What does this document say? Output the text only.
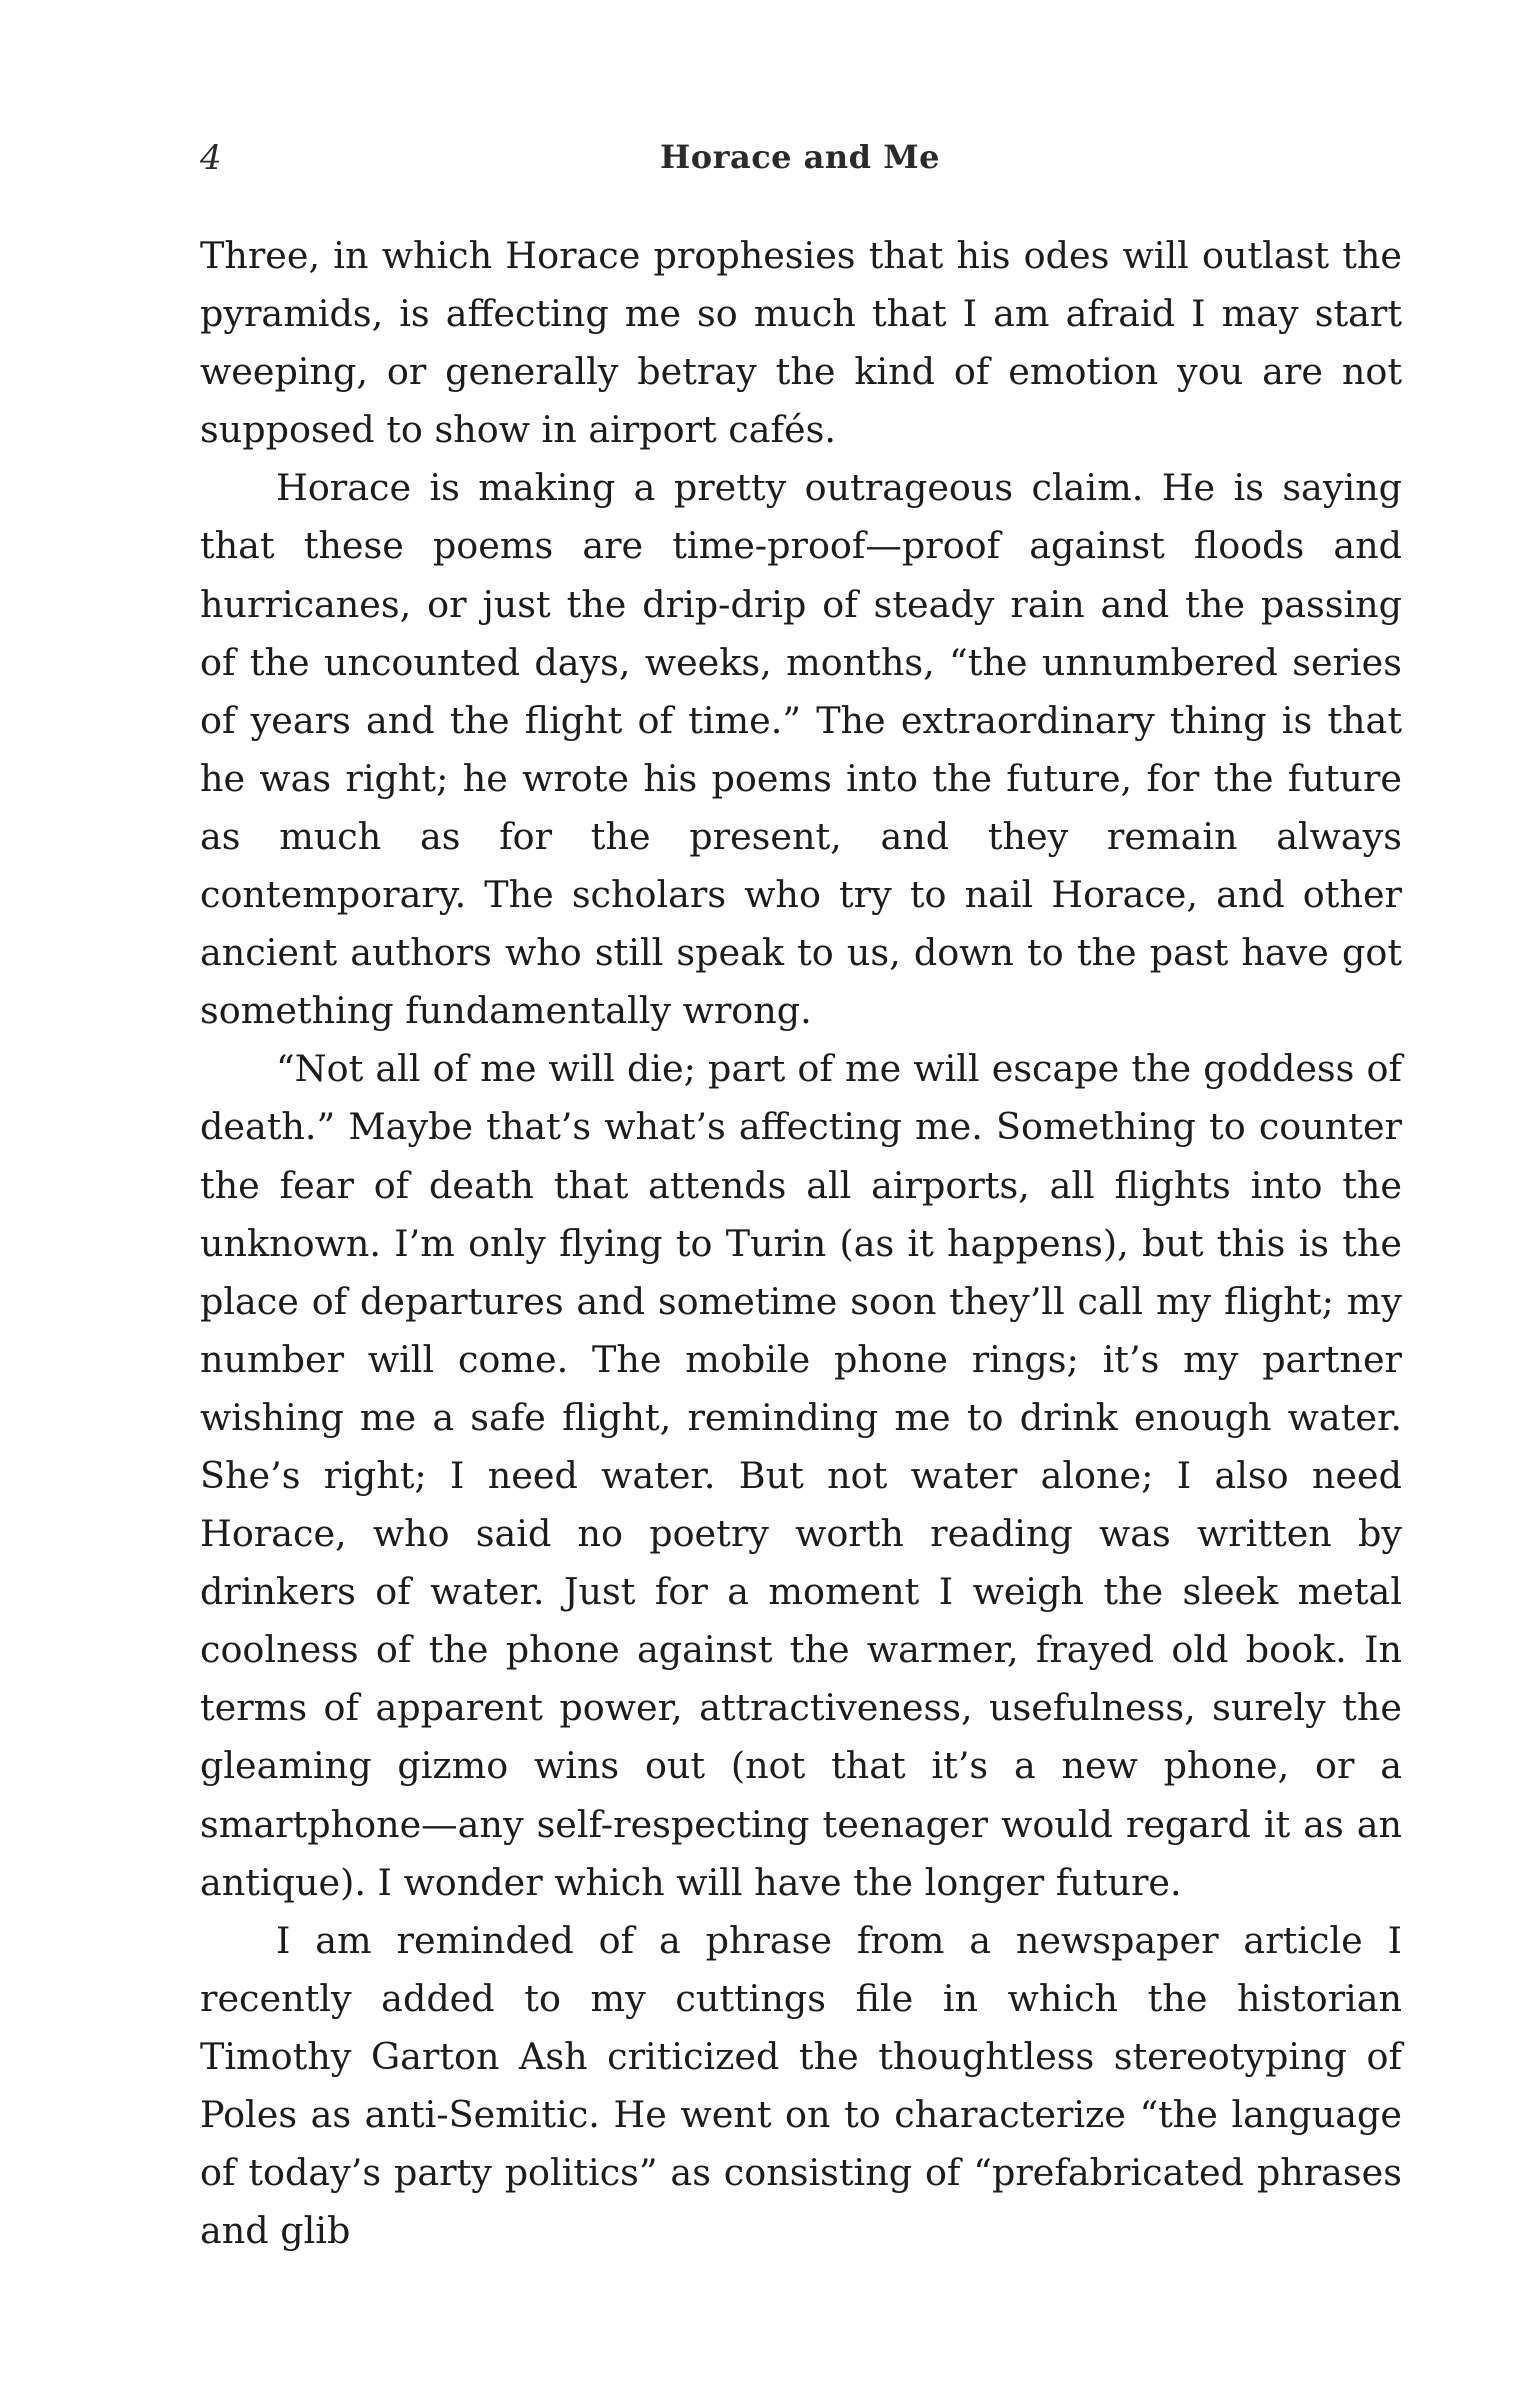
4	Horace and Me

Three, in which Horace prophesies that his odes will outlast the pyramids, is affecting me so much that I am afraid I may start weeping, or generally betray the kind of emotion you are not supposed to show in airport cafés.

Horace is making a pretty outrageous claim. He is saying that these poems are time-proof—proof against floods and hurricanes, or just the drip-drip of steady rain and the passing of the uncounted days, weeks, months, “the unnumbered series of years and the flight of time.” The extraordinary thing is that he was right; he wrote his poems into the future, for the future as much as for the present, and they remain always contemporary. The scholars who try to nail Horace, and other ancient authors who still speak to us, down to the past have got something fundamentally wrong.

“Not all of me will die; part of me will escape the goddess of death.” Maybe that’s what’s affecting me. Something to counter the fear of death that attends all airports, all flights into the unknown. I’m only flying to Turin (as it happens), but this is the place of departures and sometime soon they’ll call my flight; my number will come. The mobile phone rings; it’s my partner wishing me a safe flight, reminding me to drink enough water. She’s right; I need water. But not water alone; I also need Horace, who said no poetry worth reading was written by drinkers of water. Just for a moment I weigh the sleek metal coolness of the phone against the warmer, frayed old book. In terms of apparent power, attractiveness, usefulness, surely the gleaming gizmo wins out (not that it’s a new phone, or a smartphone—any self-respecting teenager would regard it as an antique). I wonder which will have the longer future.

I am reminded of a phrase from a newspaper article I recently added to my cuttings file in which the historian Timothy Garton Ash criticized the thoughtless stereotyping of Poles as anti-Semitic. He went on to characterize “the language of today’s party politics” as consisting of “prefabricated phrases and glib
